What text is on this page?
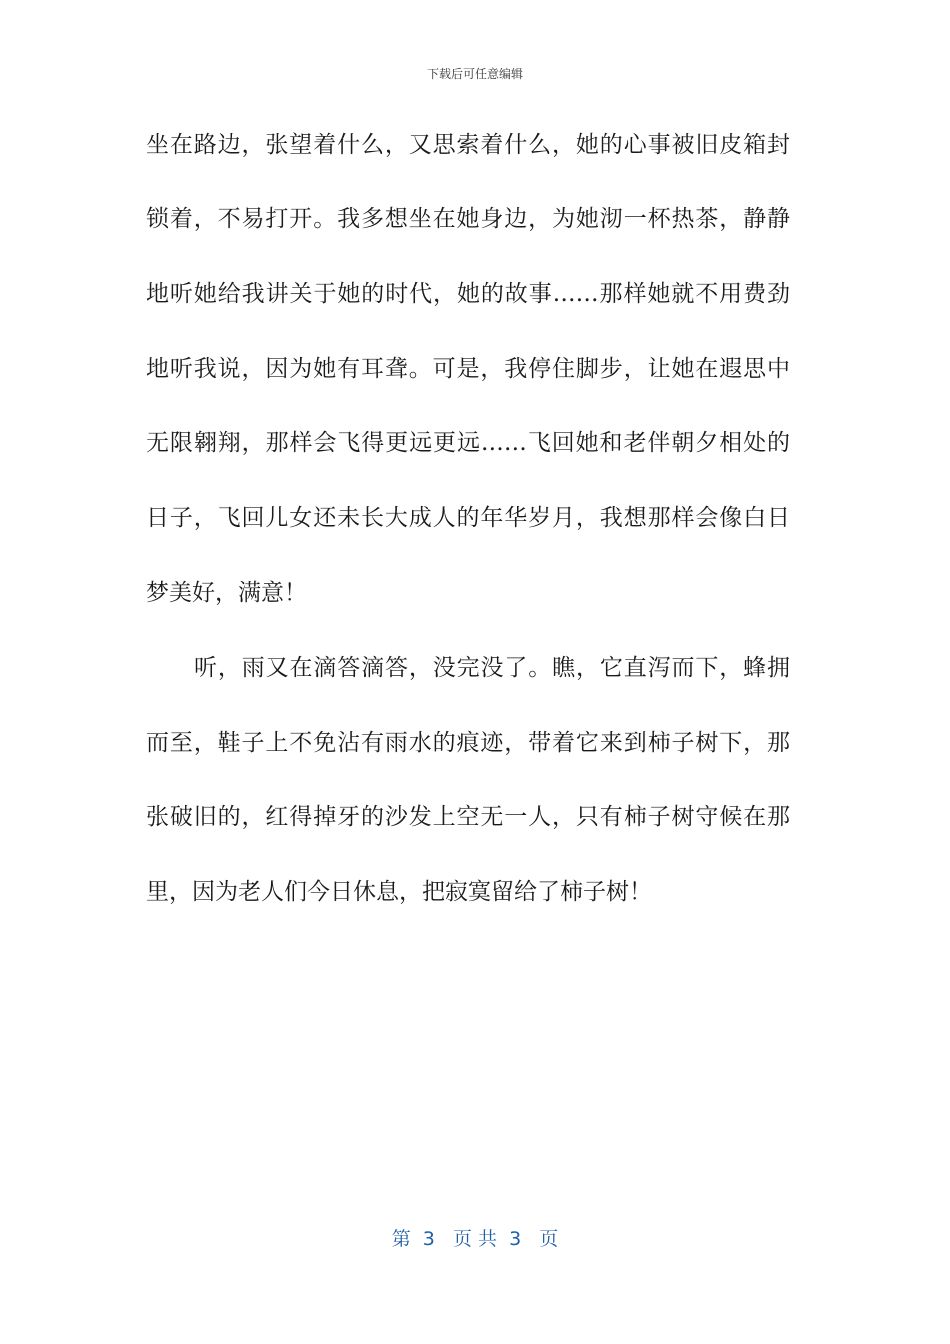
下载后可任意编辑
坐在路边，张望着什么，又思索着什么，她的心事被旧皮箱封
锁着，不易打开。我多想坐在她身边，为她沏一杯热茶，静静
地听她给我讲关于她的时代，她的故事……那样她就不用费劲
地听我说，因为她有耳聋。可是，我停住脚步，让她在遐思中
无限翱翔，那样会飞得更远更远……飞回她和老伴朝夕相处的
日子，飞回儿女还未长大成人的年华岁月，我想那样会像白日
梦美好，满意！
听，雨又在滴答滴答，没完没了。瞧，它直泻而下，蜂拥
而至，鞋子上不免沾有雨水的痕迹，带着它来到柿子树下，那
张破旧的，红得掉牙的沙发上空无一人，只有柿子树守候在那
里，因为老人们今日休息，把寂寞留给了柿子树！
第  3   页 共  3   页
